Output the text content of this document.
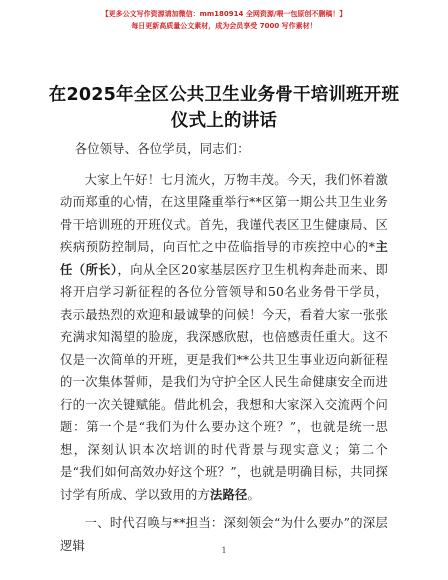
【更多公文写作资源请加微信：mm180914 全网资源/喂一包原创不删稿！】
每日更新高质量公文素材，成为会员享受 7000 写作素材！
在2025年全区公共卫生业务骨干培训班开班仪式上的讲话

各位领导、各位学员，同志们：

大家上午好！七月流火，万物丰茂。今天，我们怀着激动而郑重的心情，在这里隆重举行**区第一期公共卫生业务骨干培训班的开班仪式。首先，我谨代表区卫生健康局、区疾病预防控制局，向百忙之中莅临指导的市疾控中心的*主任（所长），向从全区20家基层医疗卫生机构奔赴而来、即将开启学习新征程的各位分管领导和50名业务骨干学员，表示最热烈的欢迎和最诚挚的问候！今天，看着大家一张张充满求知渴望的脸庞，我深感欣慰，也倍感责任重大。这不仅是一次简单的开班，更是我们**公共卫生事业迈向新征程的一次集体誓师，是我们为守护全区人民生命健康安全而进行的一次关键赋能。借此机会，我想和大家深入交流两个问题：第一个是“我们为什么要办这个班？”，也就是统一思想，深刻认识本次培训的时代背景与现实意义；第二个是“我们如何高效办好这个班？”，也就是明确目标，共同探讨学有所成、学以致用的方法路径。

一、时代召唤与**担当：深刻领会“为什么要办”的深层逻辑	1
